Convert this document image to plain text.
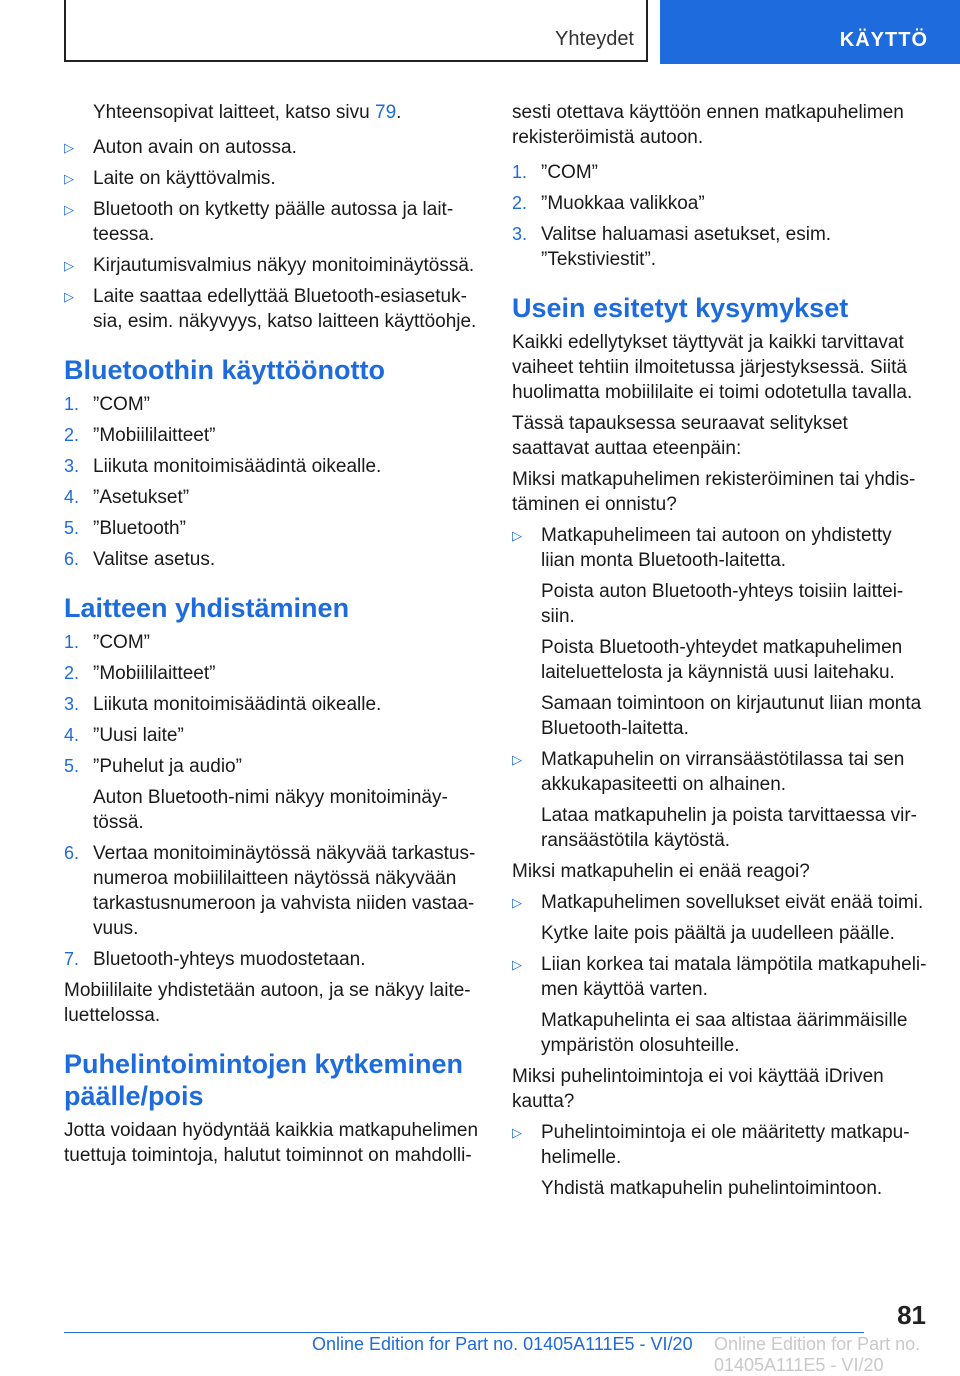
Yhteydet	KÄYTTÖ
Yhteensopivat laitteet, katso sivu 79.
▷	Auton avain on autossa.
▷	Laite on käyttövalmis.
▷	Bluetooth on kytketty päälle autossa ja lait-teessa.
▷	Kirjautumisvalmius näkyy monitoiminäytössä.
▷	Laite saattaa edellyttää Bluetooth-esiasetuk-sia, esim. näkyvyys, katso laitteen käyttöohje.
Bluetoothin käyttöönotto
1. ”COM”
2. ”Mobiililaitteet”
3. Liikuta monitoimisäädintä oikealle.
4. ”Asetukset”
5. ”Bluetooth”
6. Valitse asetus.
Laitteen yhdistäminen
1. ”COM”
2. ”Mobiililaitteet”
3. Liikuta monitoimisäädintä oikealle.
4. ”Uusi laite”
5. ”Puhelut ja audio”
Auton Bluetooth-nimi näkyy monitoiminäy-tössä.
6. Vertaa monitoiminäytössä näkyvää tarkastus-numeroa mobiililaitteen näytössä näkyvään tarkastusnumeroon ja vahvista niiden vastaa-vuus.
7. Bluetooth-yhteys muodostetaan.
Mobiililaite yhdistetään autoon, ja se näkyy laite-luettelossa.
Puhelintoimintojen kytkeminen päälle/pois
Jotta voidaan hyödyntää kaikkia matkapuhelimen tuettuja toimintoja, halutut toiminnot on mahdolli-
sesti otettava käyttöön ennen matkapuhelimen rekisteröimistä autoon.
1. ”COM”
2. ”Muokkaa valikkoa”
3. Valitse haluamasi asetukset, esim. ”Tekstiviestit”.
Usein esitetyt kysymykset
Kaikki edellytykset täyttyvät ja kaikki tarvittavat vaiheet tehtiin ilmoitetussa järjestyksessä. Siitä huolimatta mobiililaite ei toimi odotetulla tavalla.
Tässä tapauksessa seuraavat selitykset saattavat auttaa eteenpäin:
Miksi matkapuhelimen rekisteröiminen tai yhdis-täminen ei onnistu?
▷	Matkapuhelimeen tai autoon on yhdistetty liian monta Bluetooth-laitetta.
Poista auton Bluetooth-yhteys toisiin laittei-siin.
Poista Bluetooth-yhteydet matkapuhelimen laiteluettelosta ja käynnistä uusi laitehaku.
Samaan toimintoon on kirjautunut liian monta Bluetooth-laitetta.
▷	Matkapuhelin on virransäästötilassa tai sen akkukapasiteetti on alhainen.
Lataa matkapuhelin ja poista tarvittaessa vir-ransäästötila käytöstä.
Miksi matkapuhelin ei enää reagoi?
▷	Matkapuhelimen sovellukset eivät enää toimi.
Kytke laite pois päältä ja uudelleen päälle.
▷	Liian korkea tai matala lämpötila matkapuheli-men käyttöä varten.
Matkapuhelinta ei saa altistaa äärimmäisille ympäristön olosuhteille.
Miksi puhelintoimintoja ei voi käyttää iDriven kautta?
▷	Puhelintoimintoja ei ole määritetty matkapu-helimelle.
Yhdistä matkapuhelin puhelintoimintoon.
81
Online Edition for Part no. 01405A111E5 - VI/20 Online Edition for Part no. 01405A111E5 - VI/20
